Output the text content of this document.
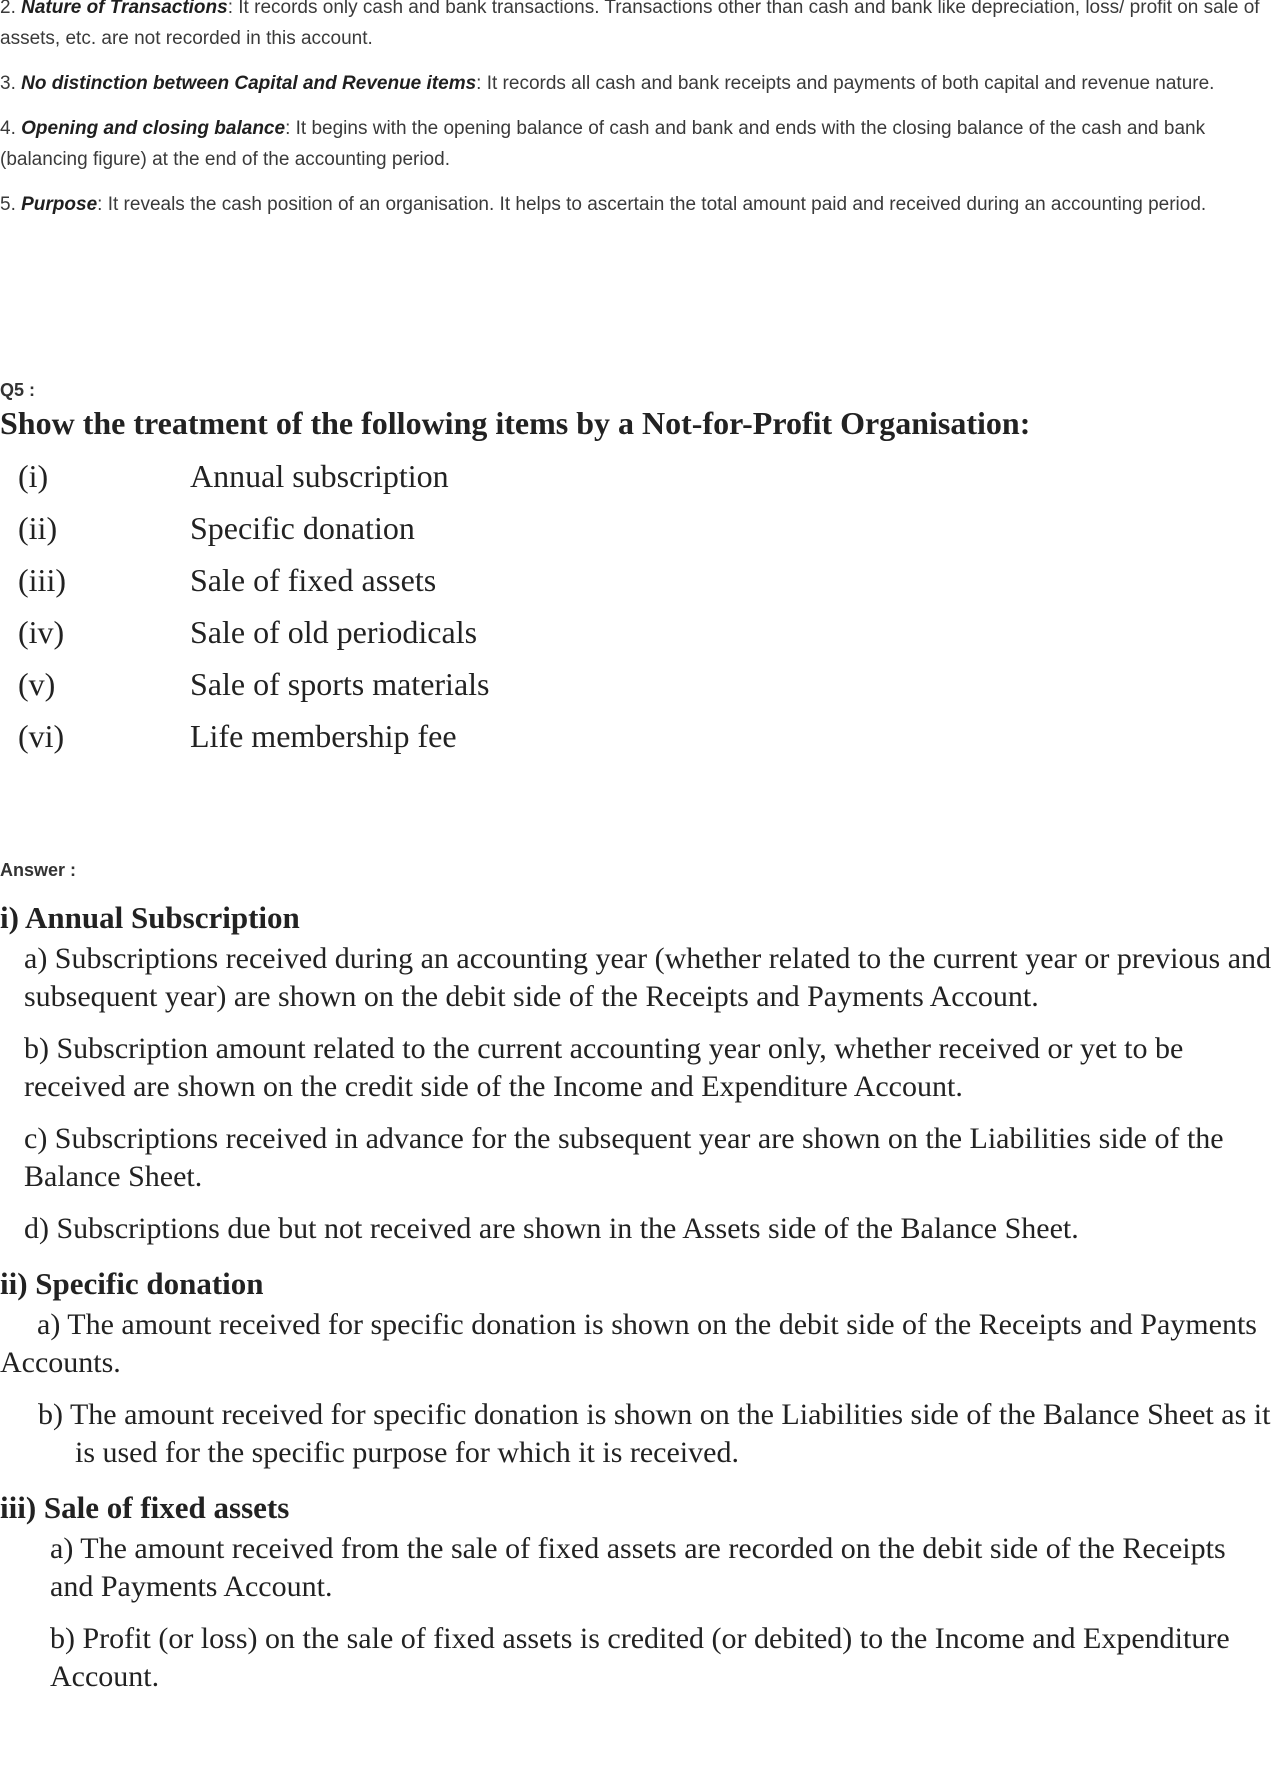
2. Nature of Transactions: It records only cash and bank transactions. Transactions other than cash and bank like depreciation, loss/ profit on sale of assets, etc. are not recorded in this account.

3. No distinction between Capital and Revenue items: It records all cash and bank receipts and payments of both capital and revenue nature.

4. Opening and closing balance: It begins with the opening balance of cash and bank and ends with the closing balance of the cash and bank (balancing figure) at the end of the accounting period.

5. Purpose: It reveals the cash position of an organisation. It helps to ascertain the total amount paid and received during an accounting period.

Q5 :
Show the treatment of the following items by a Not-for-Profit Organisation:
(i)	Annual subscription
(ii)	Specific donation
(iii)	Sale of fixed assets
(iv)	Sale of old periodicals
(v)	Sale of sports materials
(vi)	Life membership fee
Answer :
i) Annual Subscription

a) Subscriptions received during an accounting year (whether related to the current year or previous and subsequent year) are shown on the debit side of the Receipts and Payments Account.

b) Subscription amount related to the current accounting year only, whether received or yet to be received are shown on the credit side of the Income and Expenditure Account.

c) Subscriptions received in advance for the subsequent year are shown on the Liabilities side of the Balance Sheet.

d) Subscriptions due but not received are shown in the Assets side of the Balance Sheet.

ii) Specific donation

a) The amount received for specific donation is shown on the debit side of the Receipts and Payments Accounts.

b) The amount received for specific donation is shown on the Liabilities side of the Balance Sheet as it is used for the specific purpose for which it is received.

iii) Sale of fixed assets

a) The amount received from the sale of fixed assets are recorded on the debit side of the Receipts and Payments Account.

b) Profit (or loss) on the sale of fixed assets is credited (or debited) to the Income and Expenditure Account.
